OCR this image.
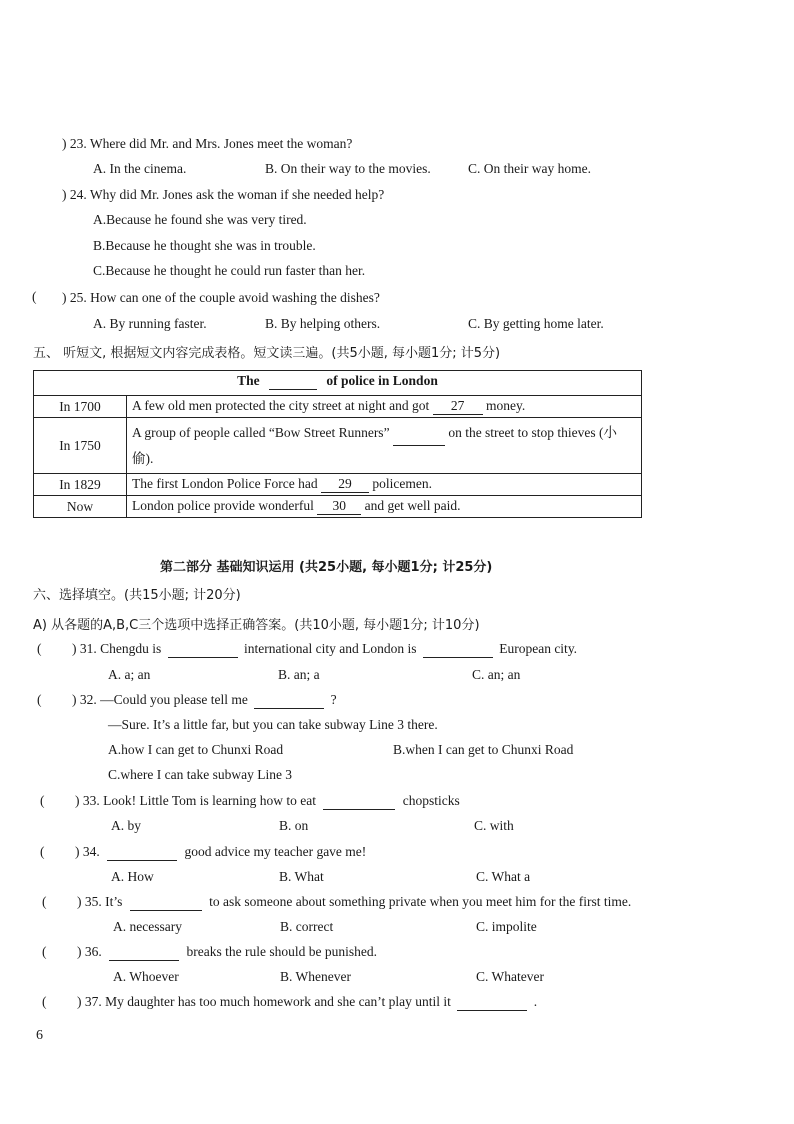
) 23. Where did Mr. and Mrs. Jones meet the woman?
A. In the cinema.	B. On their way to the movies.	C. On their way home.
) 24. Why did Mr. Jones ask the woman if she needed help?
A.Because he found she was very tired.
B.Because he thought she was in trouble.
C.Because he thought he could run faster than her.
( ) 25. How can one of the couple avoid washing the dishes?
A. By running faster.	B. By helping others.	C. By getting home later.
五、 听短文, 根据短文内容完成表格。短文读三遍。(共5小题, 每小题1分; 计5分)
The of police in London	
In 1700	A few old men protected the city street at night and got 27 money.
In 1750	A group of people called “Bow Street Runners” on the street to stop thieves (小偷).
In 1829	The first London Police Force had 29 policemen.
Now	London police provide wonderful 30 and get well paid.
第二部分 基础知识运用 (共25小题, 每小题1分; 计25分)
六、选择填空。(共15小题; 计20分)
A) 从各题的A,B,C三个选项中选择正确答案。(共10小题, 每小题1分; 计10分)
( ) 31. Chengdu is	international city and London is	European city.
A. a; an	B. an; a	C. an; an
( ) 32. —Could you please tell me	?
—Sure. It’s a little far, but you can take subway Line 3 there.
A.how I can get to Chunxi Road	B.when I can get to Chunxi Road
C.where I can take subway Line 3
( ) 33. Look! Little Tom is learning how to eat	chopsticks
A. by	B. on	C. with
( ) 34.	good advice my teacher gave me!
A. How	B. What	C. What a
( ) 35. It’s	to ask someone about something private when you meet him for the first time.
A. necessary	B. correct	C. impolite
( ) 36.	breaks the rule should be punished.
A. Whoever	B. Whenever	C. Whatever
( ) 37. My daughter has too much homework and she can’t play until it	.
6
